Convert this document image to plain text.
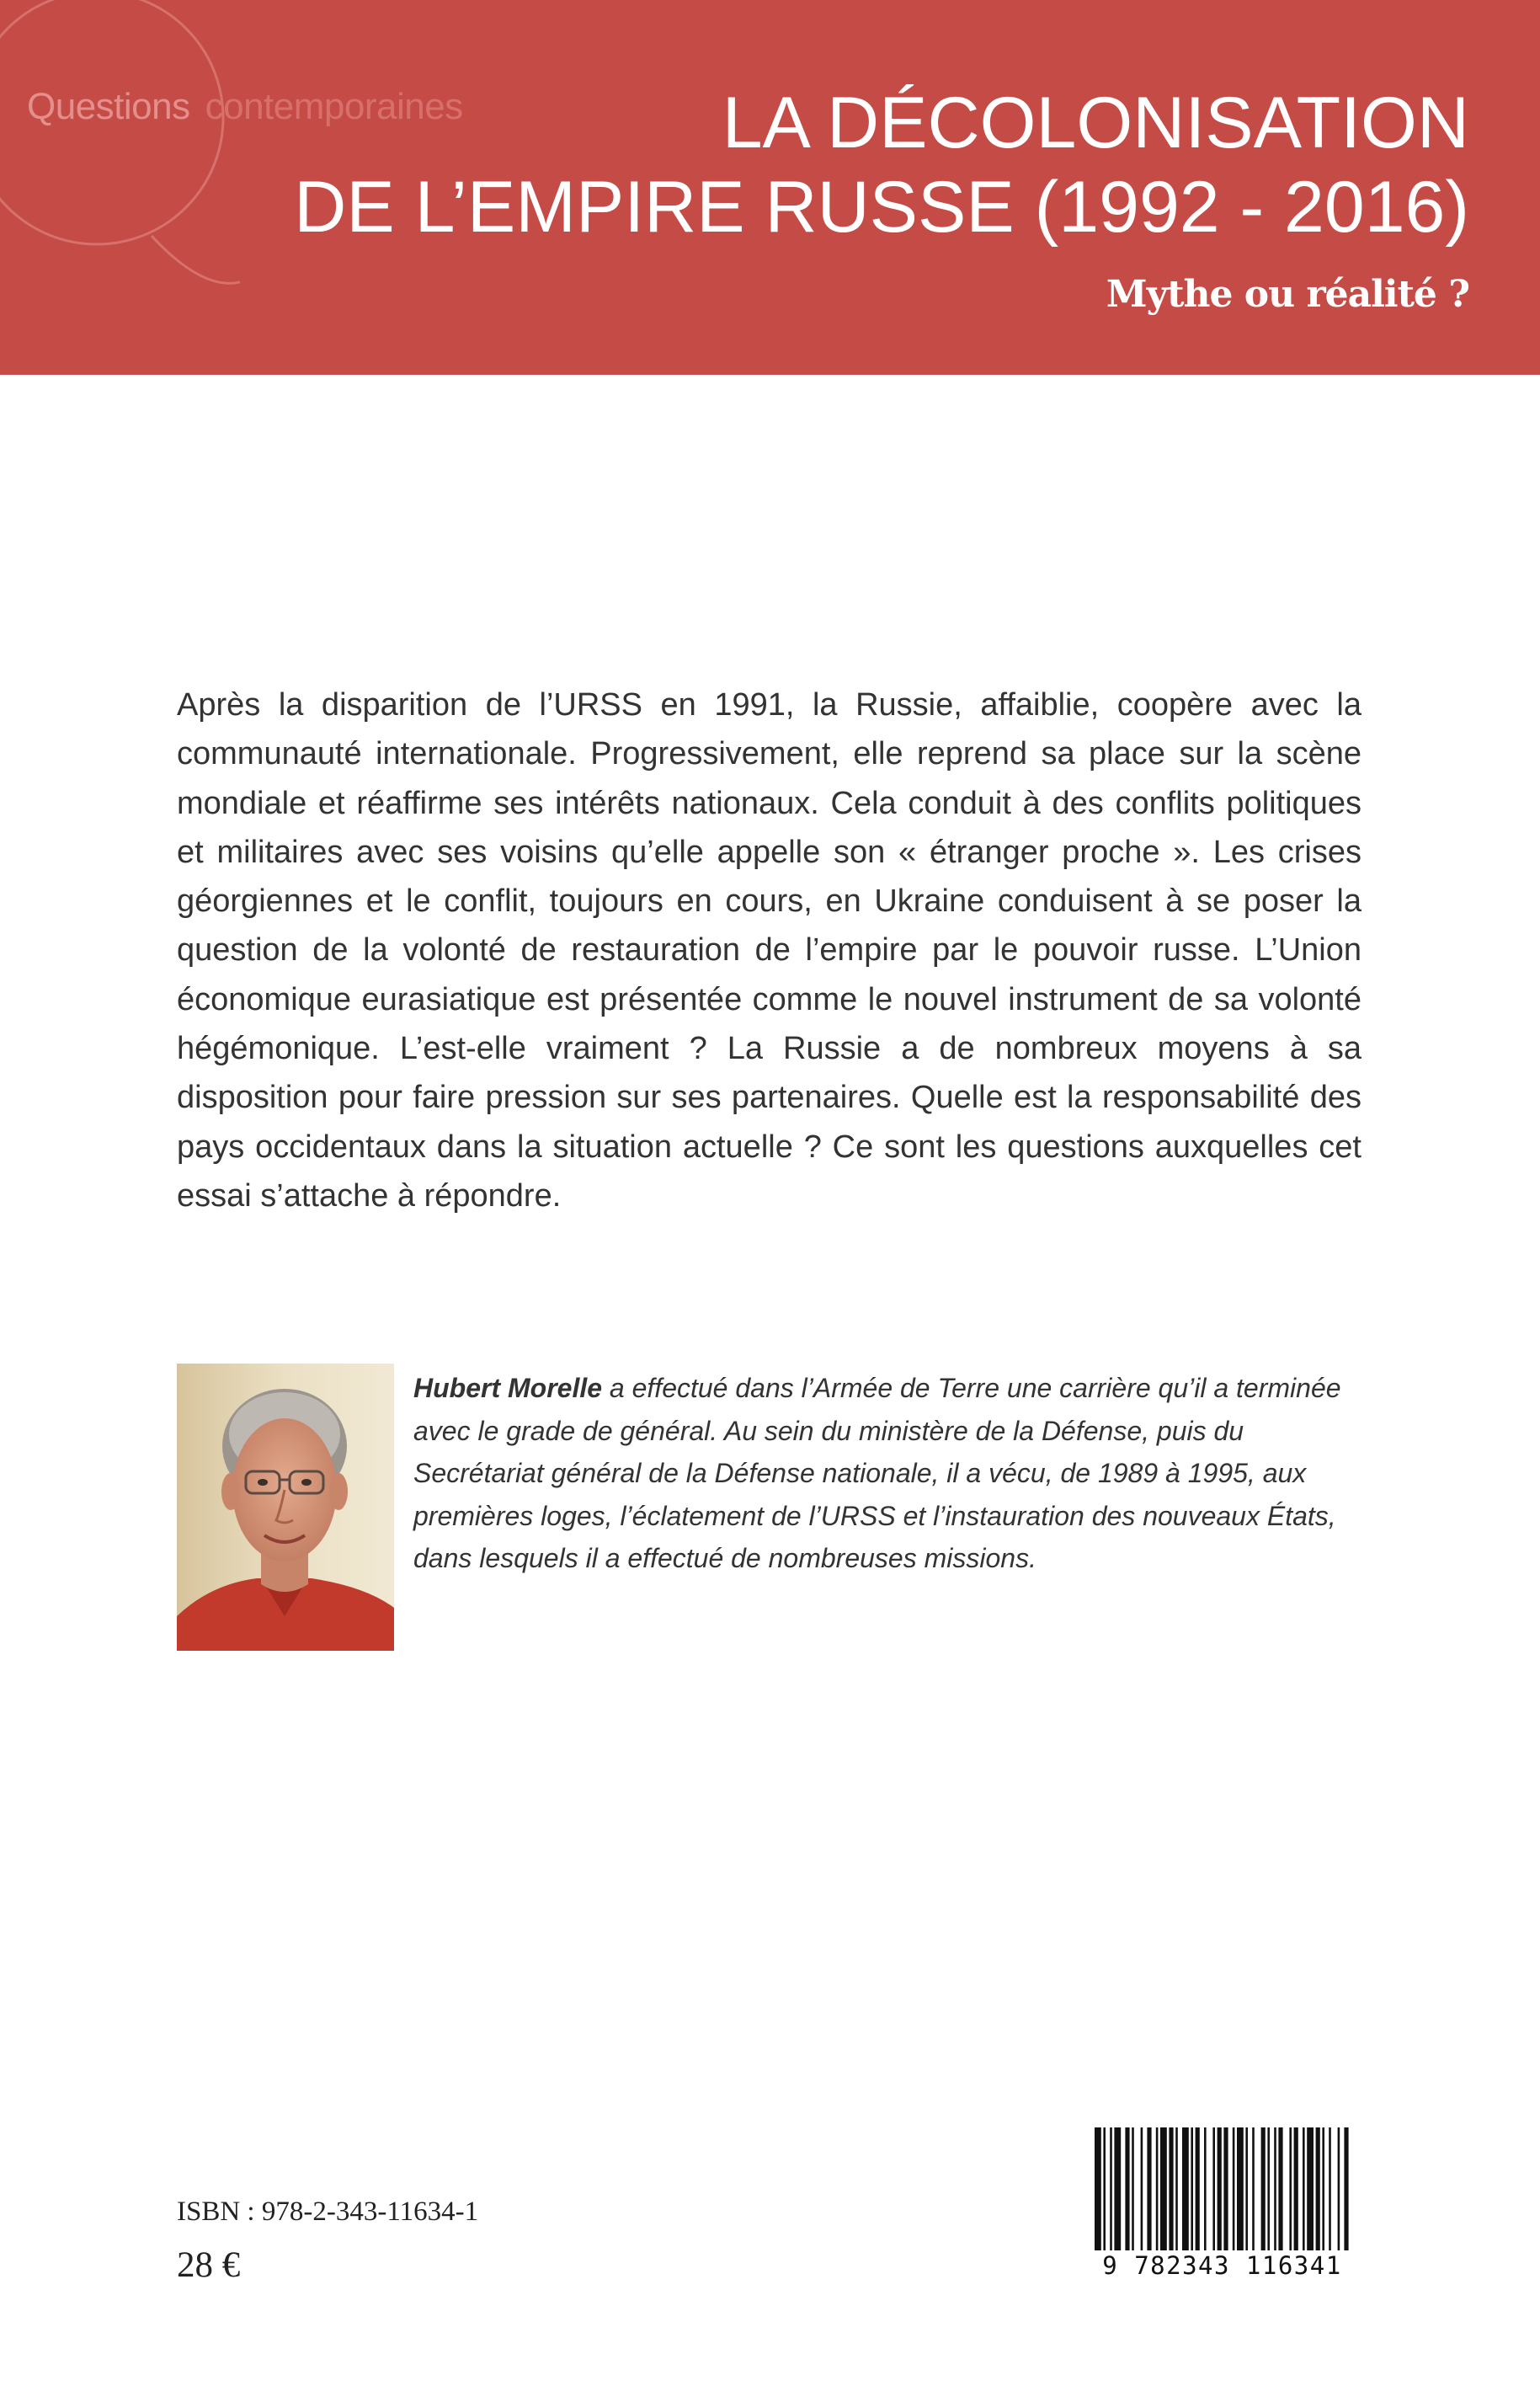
Questions contemporaines	LA DÉCOLONISATION
DE L’EMPIRE RUSSE (1992 - 2016)
Mythe ou réalité ?
Après la disparition de l’URSS en 1991, la Russie, affaiblie, coopère avec la communauté internationale. Progressivement, elle reprend sa place sur la scène mondiale et réaffirme ses intérêts nationaux. Cela conduit à des conflits politiques et militaires avec ses voisins qu’elle appelle son « étranger proche ». Les crises géorgiennes et le conflit, toujours en cours, en Ukraine conduisent à se poser la question de la volonté de restauration de l’empire par le pouvoir russe. L’Union économique eurasiatique est présentée comme le nouvel instrument de sa volonté hégémonique. L’est-elle vraiment ? La Russie a de nombreux moyens à sa disposition pour faire pression sur ses partenaires. Quelle est la responsabilité des pays occidentaux dans la situation actuelle ? Ce sont les questions auxquelles cet essai s’attache à répondre.
Hubert Morelle a effectué dans l’Armée de Terre une carrière qu’il a terminée avec le grade de général. Au sein du ministère de la Défense, puis du Secrétariat général de la Défense nationale, il a vécu, de 1989 à 1995, aux premières loges, l’éclatement de l’URSS et l’instauration des nouveaux États, dans lesquels il a effectué de nombreuses missions.
ISBN : 978-2-343-11634-1
28 €	9 782343 116341
